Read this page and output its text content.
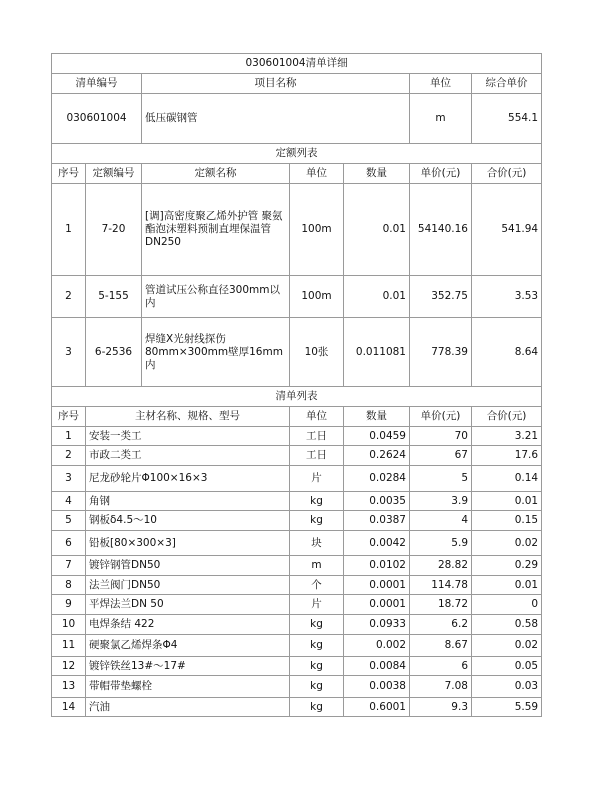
030601004清单详细						
清单编号		项目名称			单位	综合单价
030601004		低压碳钢管			m	554.1
定额列表						
序号	定额编号	定额名称	单位	数量	单价(元)	合价(元)
1	7-20	[调]高密度聚乙烯外护管 聚氨酯泡沫塑料预制直埋保温管 DN250	100m	0.01	54140.16	541.94
2	5-155	管道试压公称直径300mm以内	100m	0.01	352.75	3.53
3	6-2536	焊缝X光射线探伤80mm×300mm壁厚16mm内	10张	0.011081	778.39	8.64
清单列表						
序号	主材名称、规格、型号		单位	数量	单价(元)	合价(元)
1	安装一类工		工日	0.0459	70	3.21
2	市政二类工		工日	0.2624	67	17.6
3	尼龙砂轮片Φ100×16×3		片	0.0284	5	0.14
4	角钢		kg	0.0035	3.9	0.01
5	钢板δ4.5～10		kg	0.0387	4	0.15
6	铅板[80×300×3]		块	0.0042	5.9	0.02
7	镀锌钢管DN50		m	0.0102	28.82	0.29
8	法兰阀门DN50		个	0.0001	114.78	0.01
9	平焊法兰DN 50		片	0.0001	18.72	0
10	电焊条结 422		kg	0.0933	6.2	0.58
11	硬聚氯乙烯焊条Φ4		kg	0.002	8.67	0.02
12	镀锌铁丝13#～17#		kg	0.0084	6	0.05
13	带帽带垫螺栓		kg	0.0038	7.08	0.03
14	汽油		kg	0.6001	9.3	5.59
